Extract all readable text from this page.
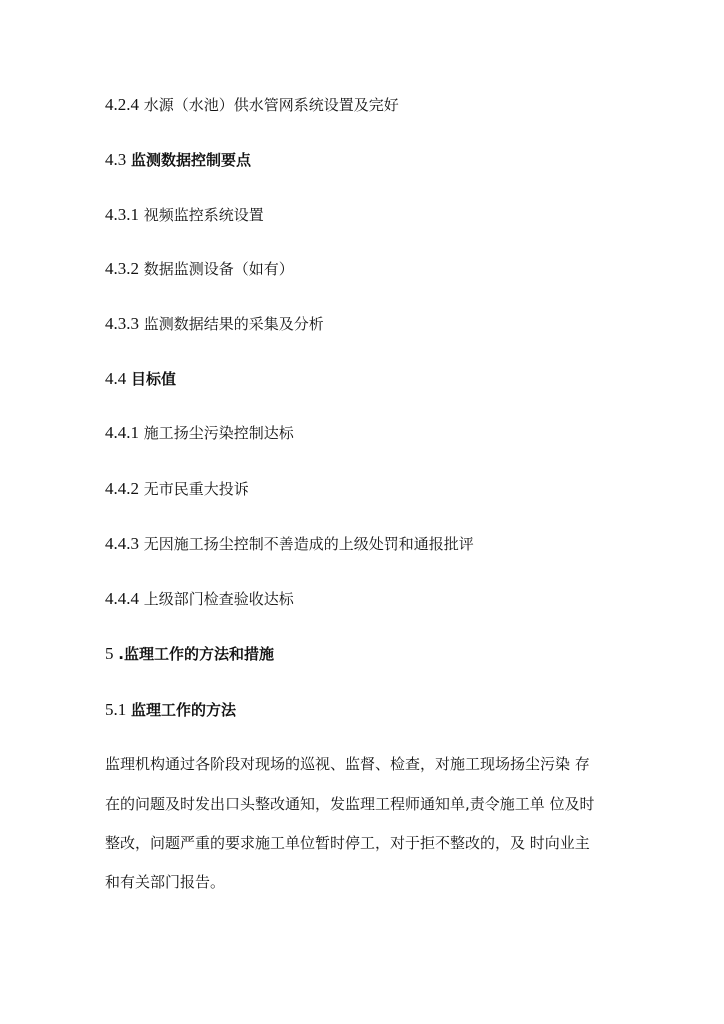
4.2.4 水源（水池）供水管网系统设置及完好
4.3 监测数据控制要点
4.3.1 视频监控系统设置
4.3.2 数据监测设备（如有）
4.3.3 监测数据结果的采集及分析
4.4 目标值
4.4.1 施工扬尘污染控制达标
4.4.2 无市民重大投诉
4.4.3 无因施工扬尘控制不善造成的上级处罚和通报批评
4.4.4 上级部门检查验收达标
5 .监理工作的方法和措施
5.1 监理工作的方法
监理机构通过各阶段对现场的巡视、监督、检查，对施工现场扬尘污染 存
在的问题及时发出口头整改通知，发监理工程师通知单,责令施工单 位及时
整改，问题严重的要求施工单位暂时停工，对于拒不整改的，及 时向业主
和有关部门报告。
